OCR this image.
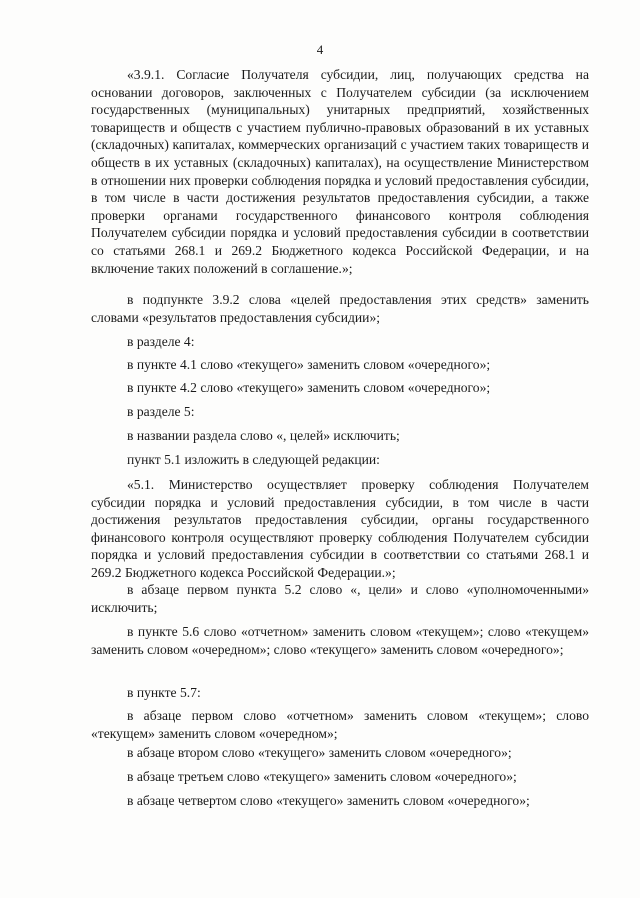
4

«3.9.1. Согласие Получателя субсидии, лиц, получающих средства на основании договоров, заключенных с Получателем субсидии (за исключением государственных (муниципальных) унитарных предприятий, хозяйственных товариществ и обществ с участием публично-правовых образований в их уставных (складочных) капиталах, коммерческих организаций с участием таких товариществ и обществ в их уставных (складочных) капиталах), на осуществление Министерством в отношении них проверки соблюдения порядка и условий предоставления субсидии, в том числе в части достижения результатов предоставления субсидии, а также проверки органами государственного финансового контроля соблюдения Получателем субсидии порядка и условий предоставления субсидии в соответствии со статьями 268.1 и 269.2 Бюджетного кодекса Российской Федерации, и на включение таких положений в соглашение.»;

в подпункте 3.9.2 слова «целей предоставления этих средств» заменить словами «результатов предоставления субсидии»;

в разделе 4:

в пункте 4.1 слово «текущего» заменить словом «очередного»;

в пункте 4.2 слово «текущего» заменить словом «очередного»;

в разделе 5:

в названии раздела слово «, целей» исключить;

пункт 5.1 изложить в следующей редакции:

«5.1. Министерство осуществляет проверку соблюдения Получателем субсидии порядка и условий предоставления субсидии, в том числе в части достижения результатов предоставления субсидии, органы государственного финансового контроля осуществляют проверку соблюдения Получателем субсидии порядка и условий предоставления субсидии в соответствии со статьями 268.1 и 269.2 Бюджетного кодекса Российской Федерации.»;

в абзаце первом пункта 5.2 слово «, цели» и слово «уполномоченными» исключить;

в пункте 5.6 слово «отчетном» заменить словом «текущем»; слово «текущем» заменить словом «очередном»; слово «текущего» заменить словом «очередного»;

в пункте 5.7:

в абзаце первом слово «отчетном» заменить словом «текущем»; слово «текущем» заменить словом «очередном»;

в абзаце втором слово «текущего» заменить словом «очередного»;

в абзаце третьем слово «текущего» заменить словом «очередного»;

в абзаце четвертом слово «текущего» заменить словом «очередного»;
